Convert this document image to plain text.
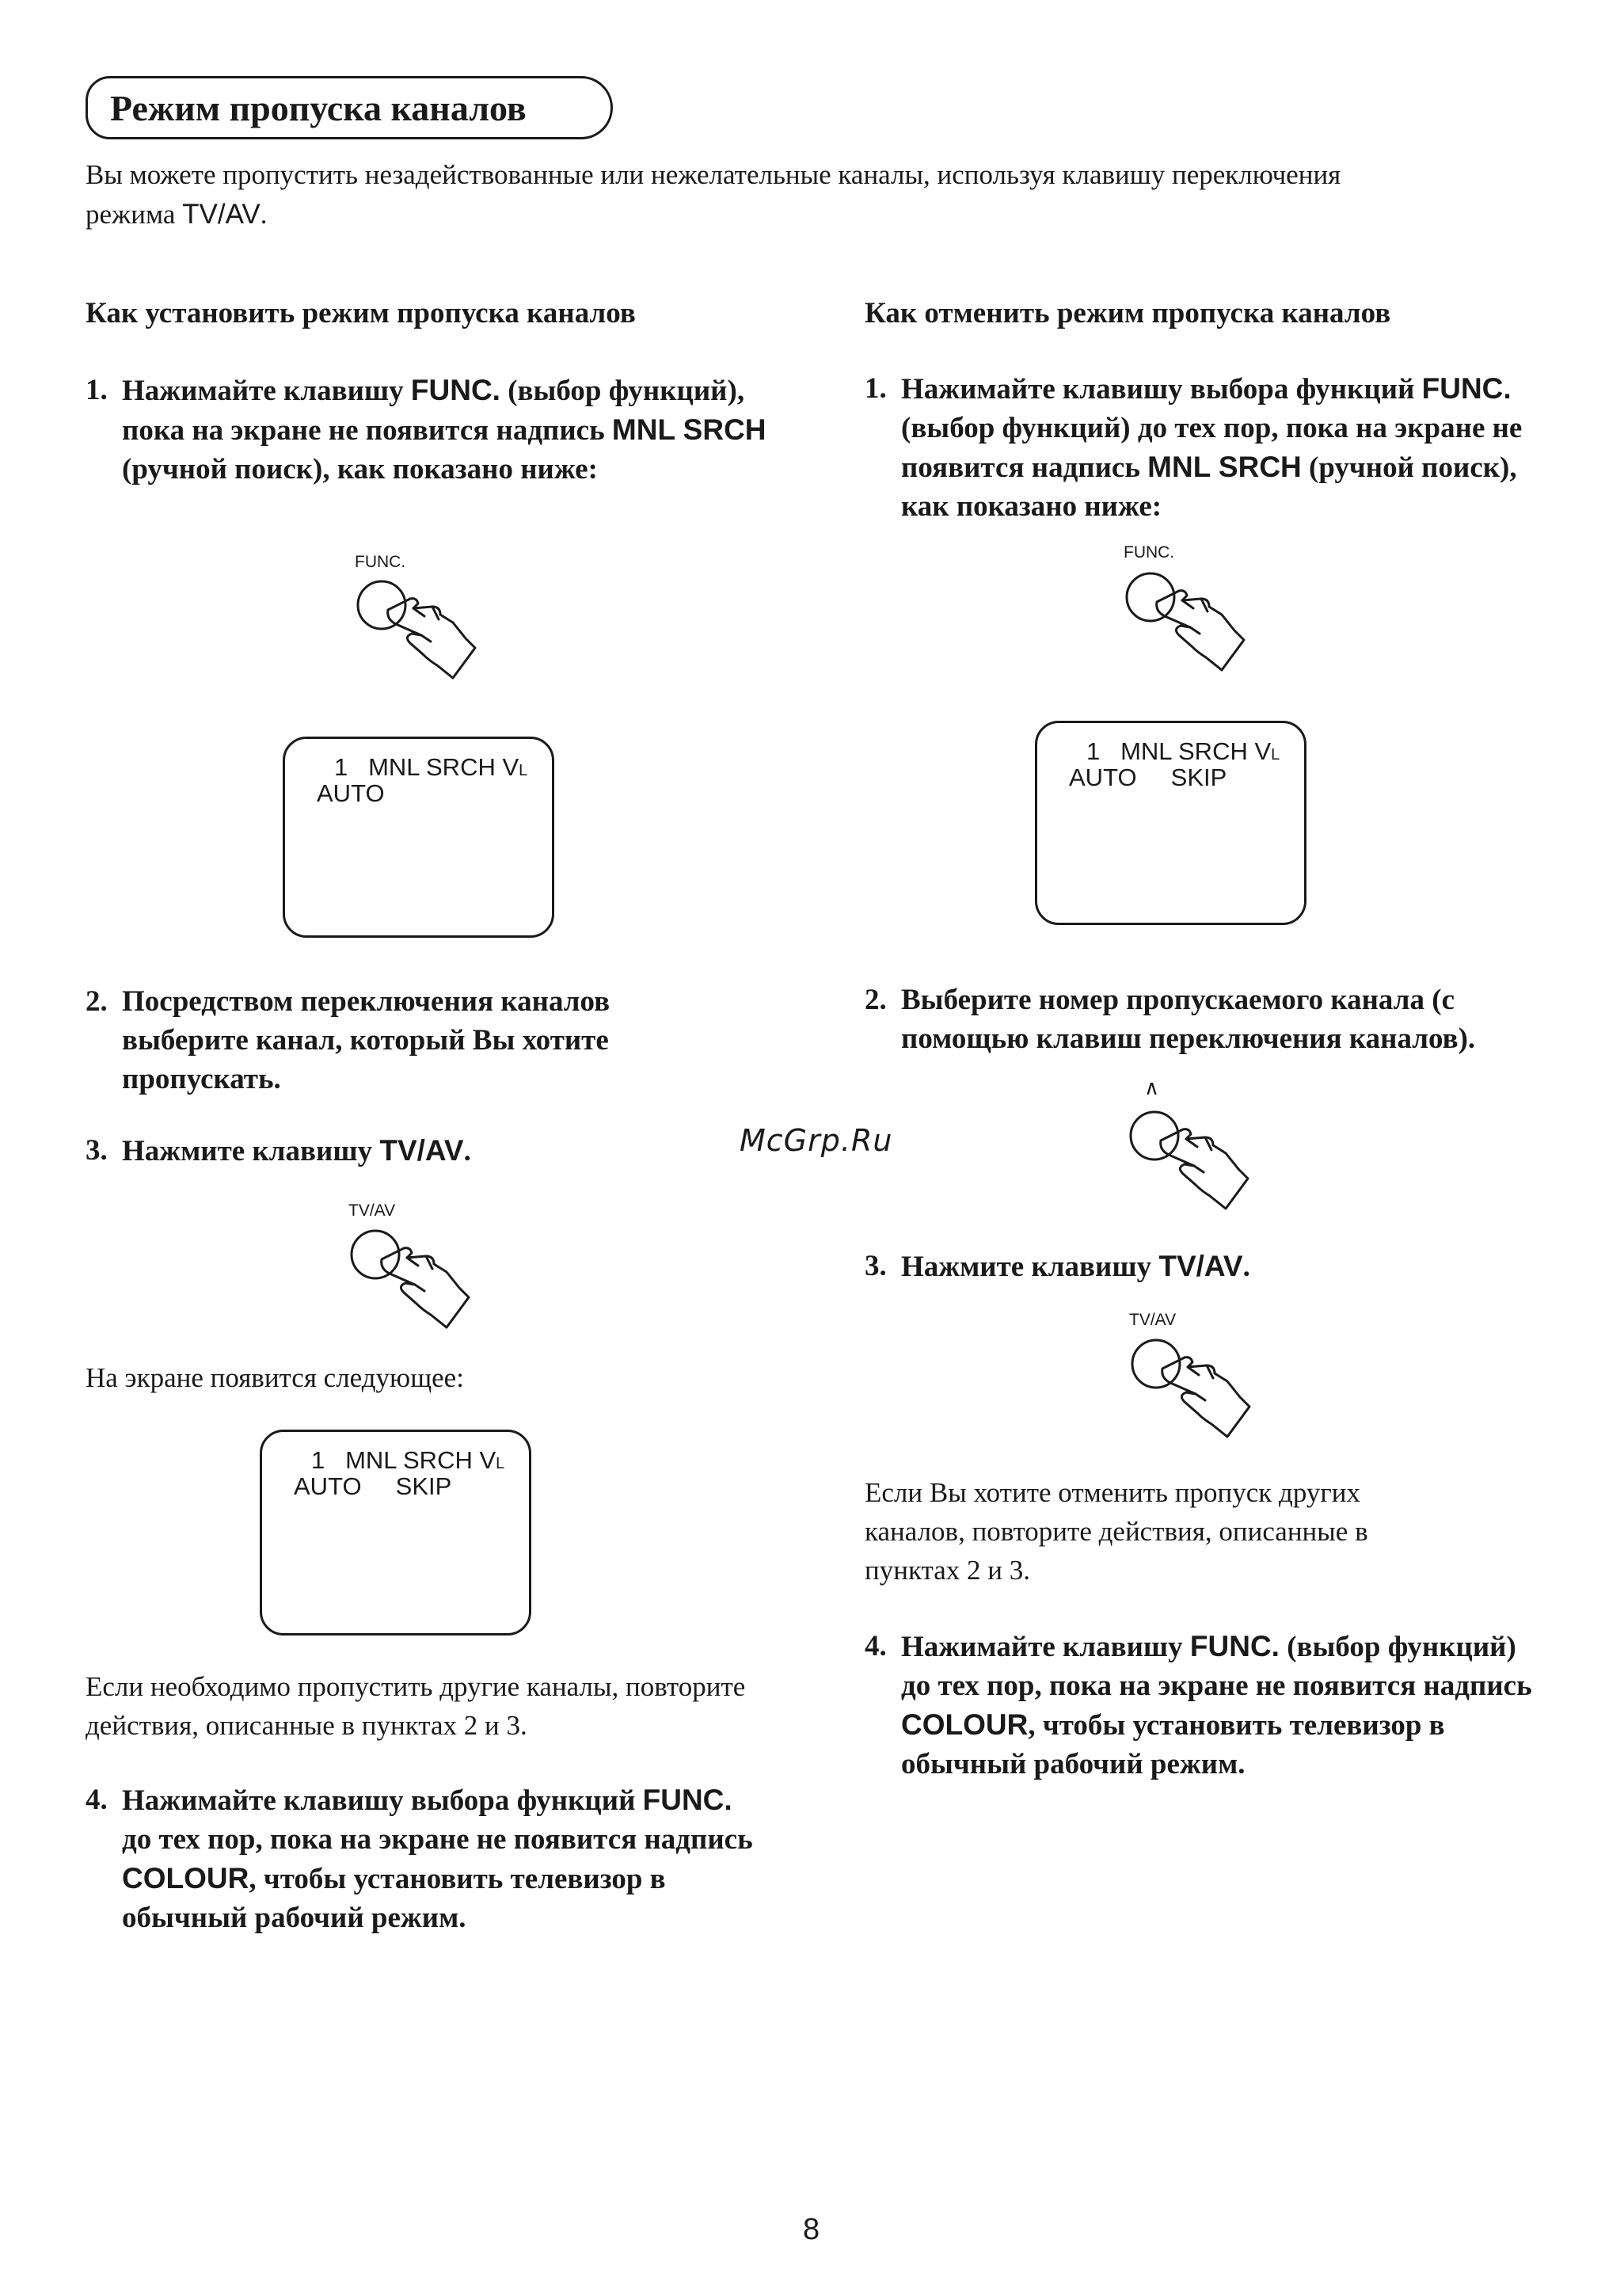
Режим пропуска каналов
Вы можете пропустить незадействованные или нежелательные каналы, используя клавишу переключения режима TV/AV.
Как установить режим пропуска каналов
1. Нажимайте клавишу FUNC. (выбор функций), пока на экране не появится надпись MNL SRCH (ручной поиск), как показано ниже:
FUNC.
1 MNL SRCH VL
AUTO
2. Посредством переключения каналов выберите канал, который Вы хотите пропускать.
3. Нажмите клавишу TV/AV.
TV/AV
На экране появится следующее:
1 MNL SRCH VL
AUTO SKIP
Если необходимо пропустить другие каналы, повторите действия, описанные в пунктах 2 и 3.
4. Нажимайте клавишу выбора функций FUNC. до тех пор, пока на экране не появится надпись COLOUR, чтобы установить телевизор в обычный рабочий режим.
Как отменить режим пропуска каналов
1. Нажимайте клавишу выбора функций FUNC. (выбор функций) до тех пор, пока на экране не появится надпись MNL SRCH (ручной поиск), как показано ниже:
FUNC.
1 MNL SRCH VL
AUTO SKIP
2. Выберите номер пропускаемого канала (с помощью клавиш переключения каналов).
∧
3. Нажмите клавишу TV/AV.
TV/AV
Если Вы хотите отменить пропуск других каналов, повторите действия, описанные в пунктах 2 и 3.
4. Нажимайте клавишу FUNC. (выбор функций) до тех пор, пока на экране не появится надпись COLOUR, чтобы установить телевизор в обычный рабочий режим.
McGrp.Ru
8
